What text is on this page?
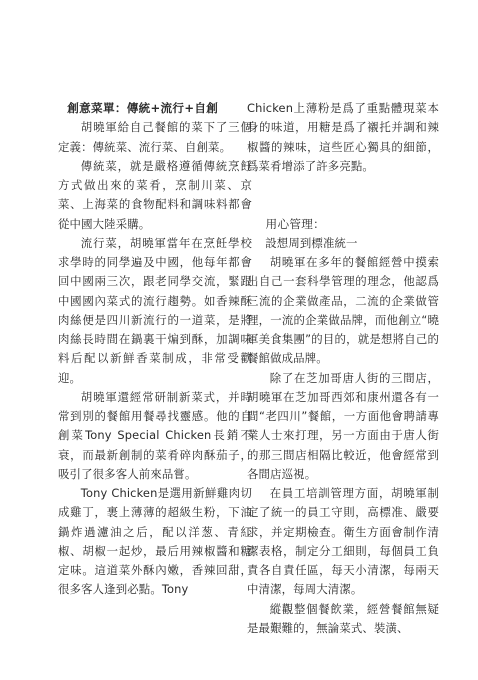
創意菜單：傳統+流行+自創

胡曉軍給自己餐館的菜下了三個定義：傳統菜、流行菜、自創菜。

傳統菜，就是嚴格遵循傳統烹飪方式做出來的菜肴，烹制川菜、京菜、上海菜的食物配料和調味料都會從中國大陸采購。

流行菜，胡曉軍當年在烹飪學校求學時的同學遍及中國，他每年都會回中國兩三次，跟老同學交流，緊跟中國國內菜式的流行趨勢。如香辣酥肉絲便是四川新流行的一道菜，是將肉絲長時間在鍋裏干煸到酥，加調味料后配以新鮮香菜制成，非常受歡迎。

胡曉軍還經常研制新菜式，并時常到別的餐館用餐尋找靈感。他的自創菜Tony Special Chicken長銷不衰，而最新創制的菜肴碎肉酥茄子，吸引了很多客人前來品嘗。

Tony Chicken是選用新鮮雞肉切成雞丁，裹上薄薄的超級生粉，下油鍋炸過濾油之后，配以洋葱、青紅椒、胡椒一起炒，最后用辣椒醬和糖定味。這道菜外酥內嫩，香辣回甜，很多客人逢到必點。Tony

Chicken上薄粉是爲了重點體現菜本身的味道，用糖是爲了襯托并調和辣椒醬的辣味，這些匠心獨具的細節，爲菜肴增添了許多亮點。

用心管理：

設想周到標准統一

胡曉軍在多年的餐館經營中摸索出自己一套科學管理的理念，他認爲三流的企業做產品，二流的企業做管理，一流的企業做品牌，而他創立“曉軍美食集團”的目的，就是想將自己的餐館做成品牌。

除了在芝加哥唐人街的三間店，胡曉軍在芝加哥西郊和康州還各有一間“老四川”餐館，一方面他會聘請專業人士來打理，另一方面由于唐人街的那三間店相隔比較近，他會經常到各間店巡視。

在員工培訓管理方面，胡曉軍制定了統一的員工守則，高標准、嚴要求，并定期檢查。衛生方面會制作清潔表格，制定分工細則，每個員工負責各自責任區，每天小清潔，每兩天中清潔，每周大清潔。

縱觀整個餐飲業，經營餐館無疑是最艱難的，無論菜式、裝潢、
